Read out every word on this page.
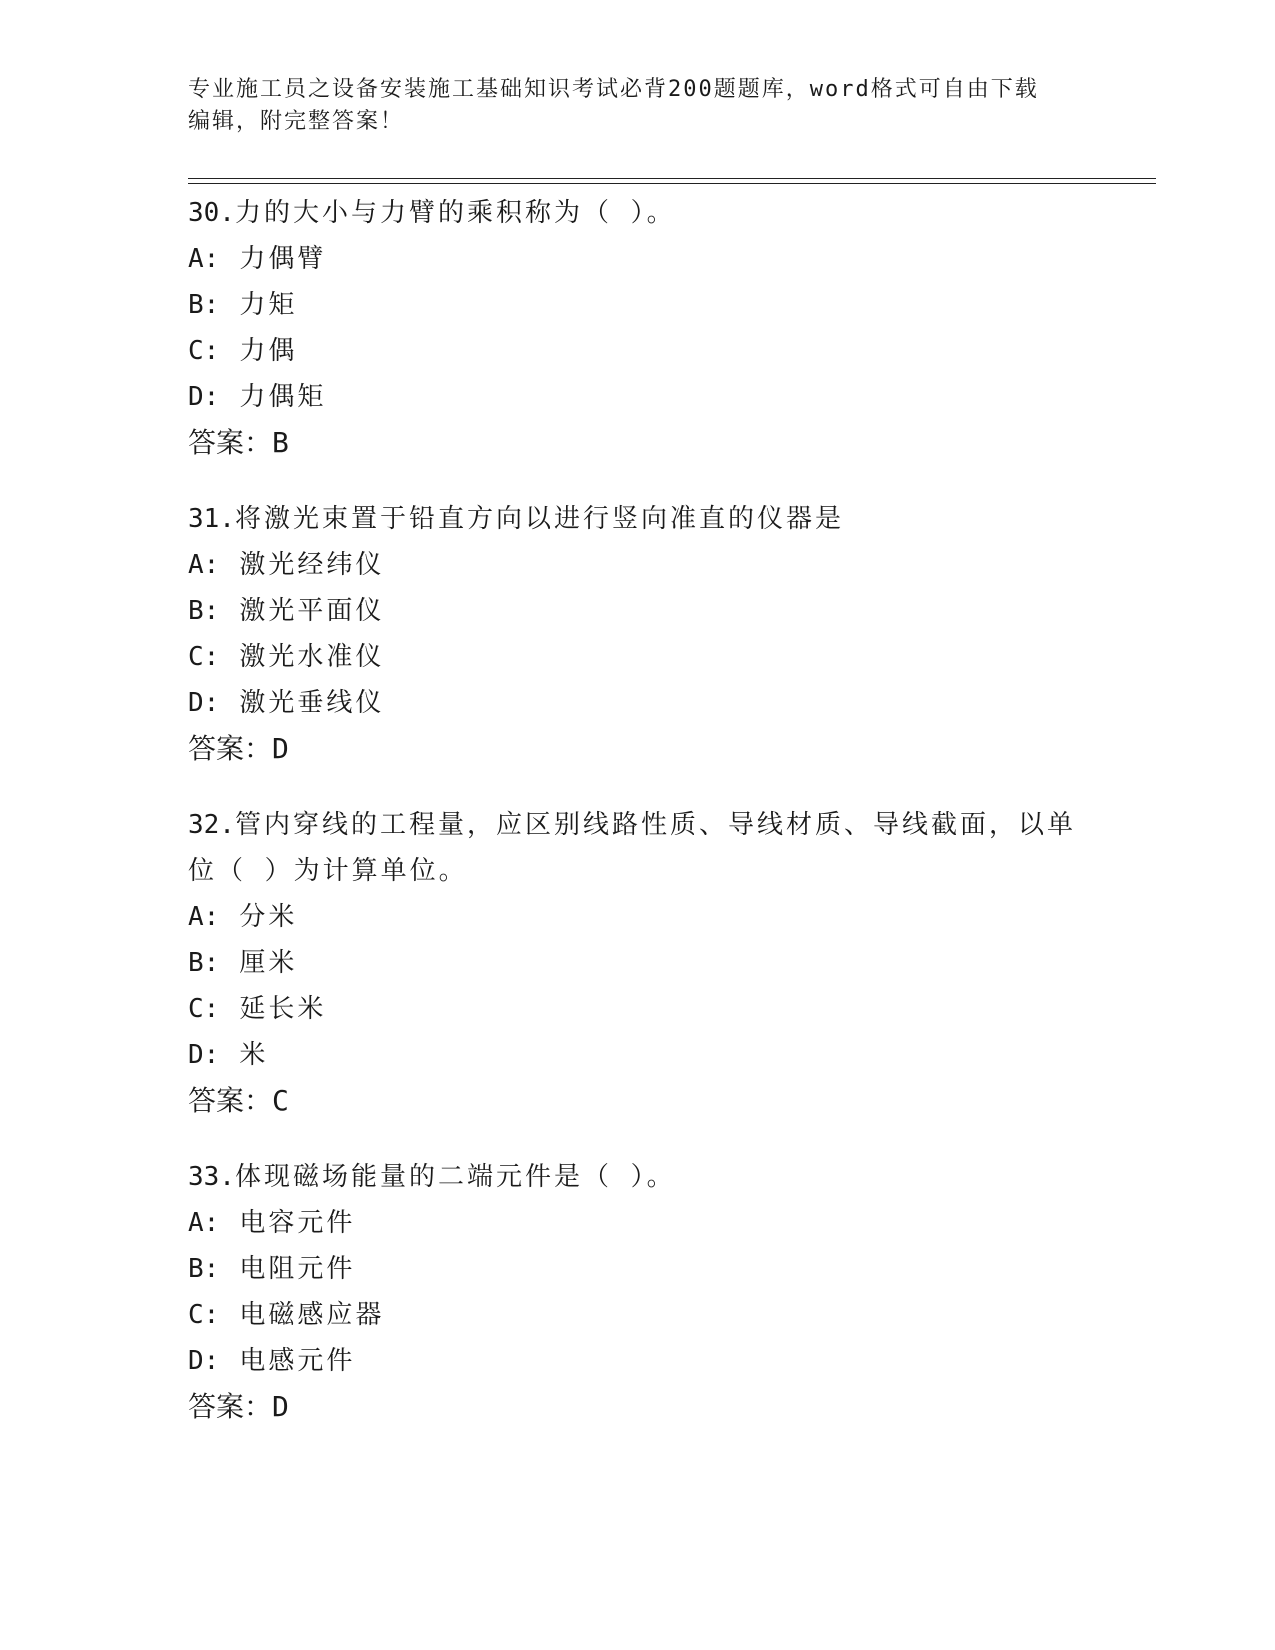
专业施工员之设备安装施工基础知识考试必背200题题库，word格式可自由下载
编辑，附完整答案！
30.力的大小与力臂的乘积称为（ ）。
A: 力偶臂
B: 力矩
C: 力偶
D: 力偶矩
答案：B
31.将激光束置于铅直方向以进行竖向准直的仪器是
A: 激光经纬仪
B: 激光平面仪
C: 激光水准仪
D: 激光垂线仪
答案：D
32.管内穿线的工程量，应区别线路性质、导线材质、导线截面，以单位（ ）为计算单位。
A: 分米
B: 厘米
C: 延长米
D: 米
答案：C
33.体现磁场能量的二端元件是（ ）。
A: 电容元件
B: 电阻元件
C: 电磁感应器
D: 电感元件
答案：D
